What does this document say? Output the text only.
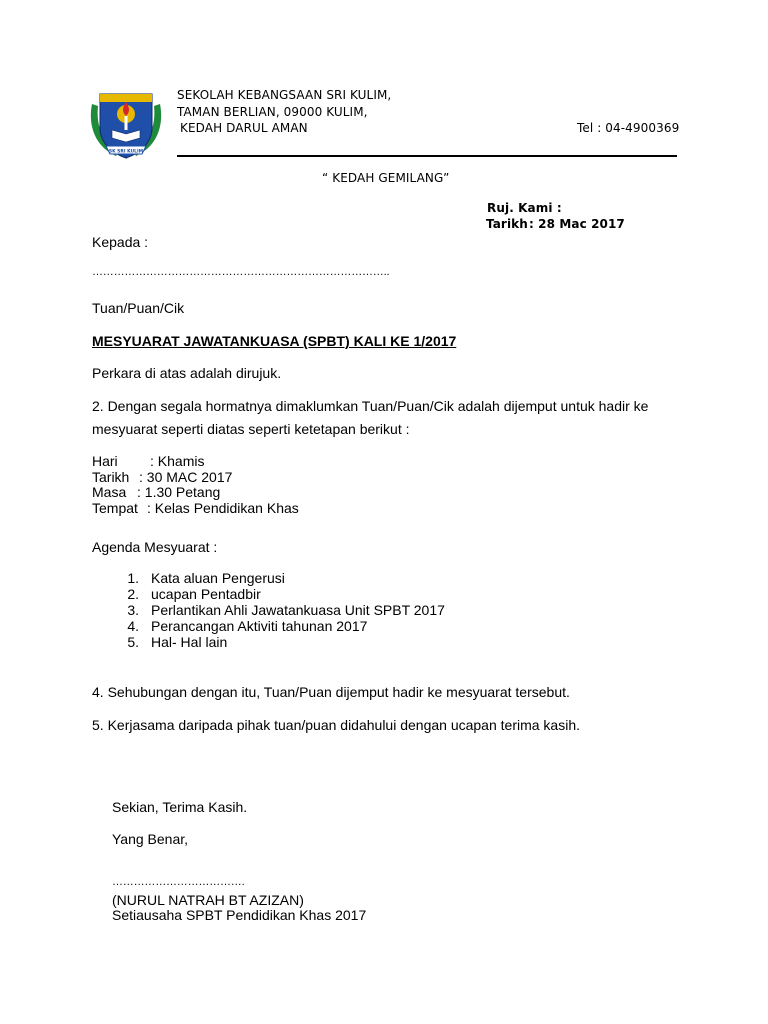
SK SRI KULIM
SEKOLAH KEBANGSAAN SRI KULIM,
TAMAN BERLIAN, 09000 KULIM,
KEDAH DARUL AMAN	Tel : 04-4900369
“ KEDAH GEMILANG”
Ruj. Kami :
Tarikh : 28 Mac 2017
Kepada :
………………………………………………………………………..
Tuan/Puan/Cik
MESYUARAT JAWATANKUASA (SPBT) KALI KE 1/2017
Perkara di atas adalah dirujuk.
2. Dengan segala hormatnya dimaklumkan Tuan/Puan/Cik adalah dijemput untuk hadir ke
mesyuarat seperti diatas seperti ketetapan berikut :
Hari	: Khamis
Tarikh : 30 MAC 2017
Masa : 1.30 Petang
Tempat : Kelas Pendidikan Khas
Agenda Mesyuarat :
1. Kata aluan Pengerusi
2. ucapan Pentadbir
3. Perlantikan Ahli Jawatankuasa Unit SPBT 2017
4. Perancangan Aktiviti tahunan 2017
5. Hal- Hal lain
4. Sehubungan dengan itu, Tuan/Puan dijemput hadir ke mesyuarat tersebut.
5. Kerjasama daripada pihak tuan/puan didahului dengan ucapan terima kasih.
Sekian, Terima Kasih.
Yang Benar,
……………………………….
(NURUL NATRAH BT AZIZAN)
Setiausaha SPBT Pendidikan Khas 2017
